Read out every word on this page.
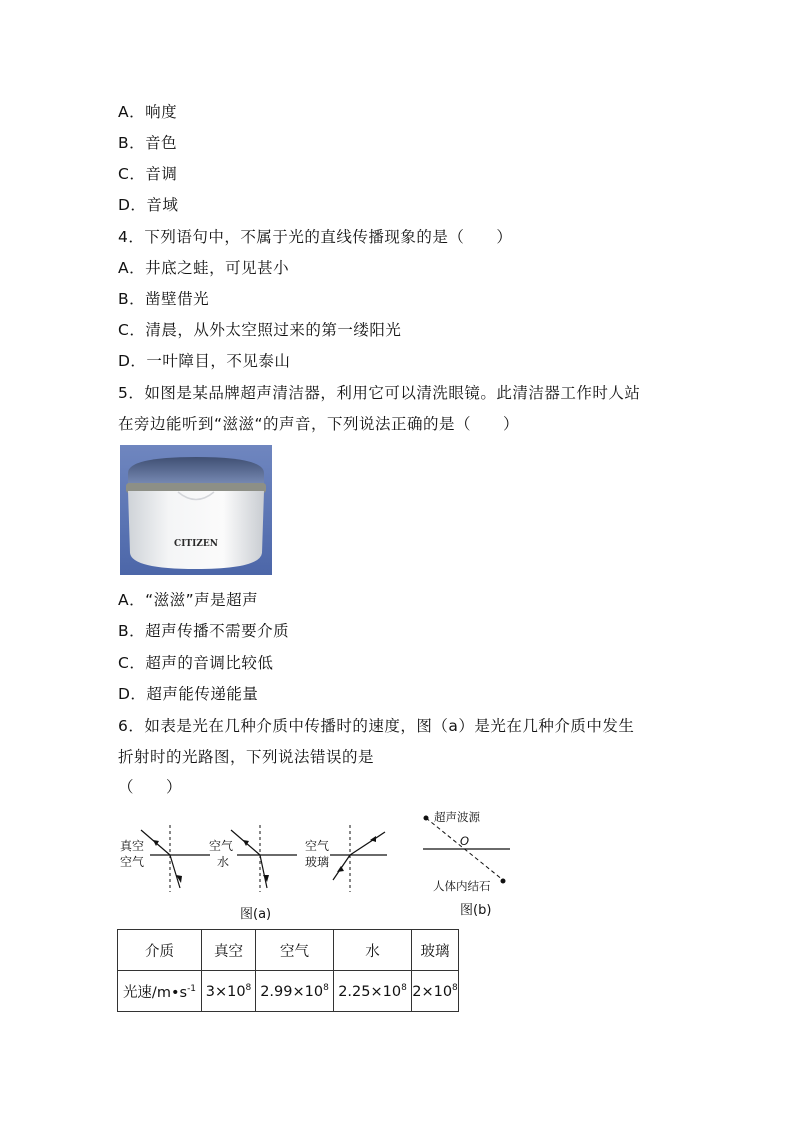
A．响度
B．音色
C．音调
D．音域
4．下列语句中，不属于光的直线传播现象的是（　　）
A．井底之蛙，可见甚小
B．凿壁借光
C．清晨，从外太空照过来的第一缕阳光
D．一叶障目，不见泰山
5．如图是某品牌超声清洁器，利用它可以清洗眼镜。此清洁器工作时人站
在旁边能听到“滋滋“的声音，下列说法正确的是（　　）
CITIZEN
A．“滋滋”声是超声
B．超声传播不需要介质
C．超声的音调比较低
D．超声能传递能量
6．如表是光在几种介质中传播时的速度，图（a）是光在几种介质中发生
折射时的光路图，下列说法错误的是
（　　）
真空
空气
空气
水
空气
玻璃
图(a)
超声波源
O
人体内结石
图(b)
介质	真空	空气	水	玻璃
光速$/m•s^{-1}$	$3\times 10^8$	$2.99\times 10^8$	$2.25\times 10^8$	$2\times 10^8$
